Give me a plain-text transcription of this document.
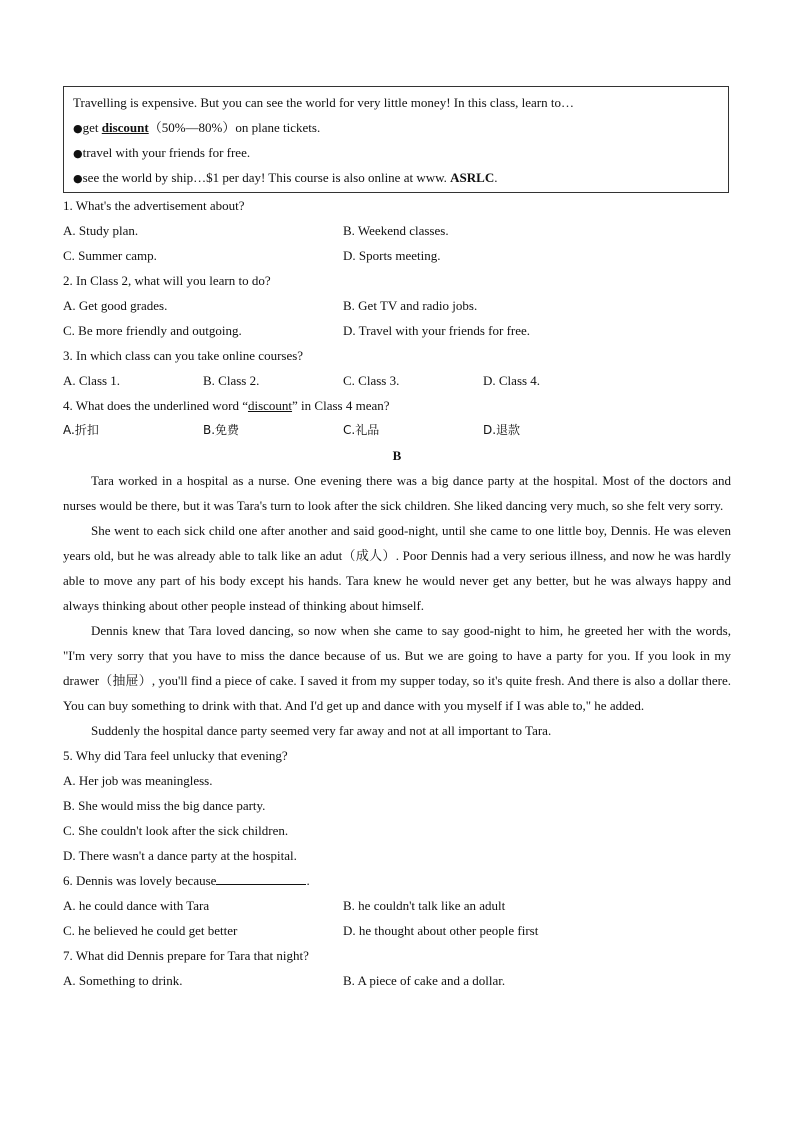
Travelling is expensive. But you can see the world for very little money! In this class, learn to…
●get discount（50%—80%）on plane tickets.
●travel with your friends for free.
●see the world by ship…$1 per day! This course is also online at www. ASRLC.
1. What's the advertisement about?
A. Study plan.	B. Weekend classes.
C. Summer camp.	D. Sports meeting.
2. In Class 2, what will you learn to do?
A. Get good grades.	B. Get TV and radio jobs.
C. Be more friendly and outgoing.	D. Travel with your friends for free.
3. In which class can you take online courses?
A. Class 1.	B. Class 2.	C. Class 3.	D. Class 4.
4. What does the underlined word “discount” in Class 4 mean?
A.折扣	B.免费	C.礼品	D.退款
B
Tara worked in a hospital as a nurse. One evening there was a big dance party at the hospital. Most of the doctors and nurses would be there, but it was Tara's turn to look after the sick children. She liked dancing very much, so she felt very sorry.
She went to each sick child one after another and said good-night, until she came to one little boy, Dennis. He was eleven years old, but he was already able to talk like an adut（成人）. Poor Dennis had a very serious illness, and now he was hardly able to move any part of his body except his hands. Tara knew he would never get any better, but he was always happy and always thinking about other people instead of thinking about himself.
Dennis knew that Tara loved dancing, so now when she came to say good-night to him, he greeted her with the words, "I'm very sorry that you have to miss the dance because of us. But we are going to have a party for you. If you look in my drawer（抽屉）, you'll find a piece of cake. I saved it from my supper today, so it's quite fresh. And there is also a dollar there. You can buy something to drink with that. And I'd get up and dance with you myself if I was able to," he added.
Suddenly the hospital dance party seemed very far away and not at all important to Tara.
5. Why did Tara feel unlucky that evening?
A. Her job was meaningless.
B. She would miss the big dance party.
C. She couldn't look after the sick children.
D. There wasn't a dance party at the hospital.
6. Dennis was lovely because	.
A. he could dance with Tara	B. he couldn't talk like an adult
C. he believed he could get better	D. he thought about other people first
7. What did Dennis prepare for Tara that night?
A. Something to drink.	B. A piece of cake and a dollar.
